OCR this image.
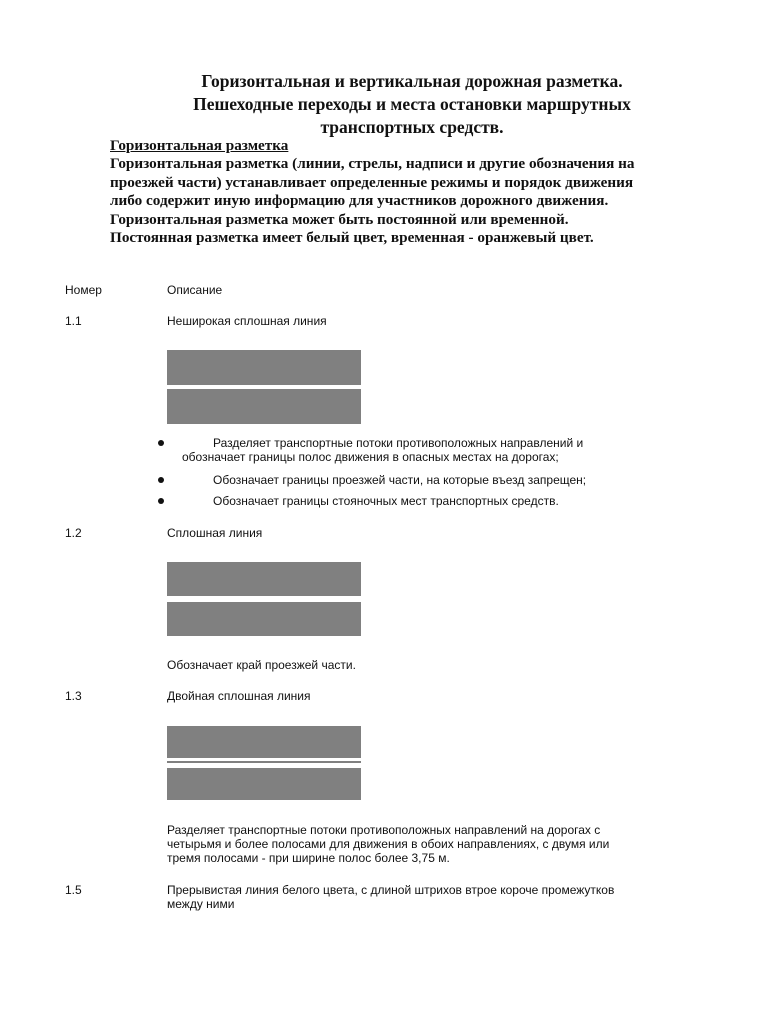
Горизонтальная и вертикальная дорожная разметка.
Пешеходные переходы и места остановки маршрутных
транспортных средств.
Горизонтальная разметка
Горизонтальная разметка (линии, стрелы, надписи и другие обозначения на
проезжей части) устанавливает определенные режимы и порядок движения
либо содержит иную информацию для участников дорожного движения.
Горизонтальная разметка может быть постоянной или временной.
Постоянная разметка имеет белый цвет, временная - оранжевый цвет.
Номер	Описание
1.1	Неширокая сплошная линия
Разделяет транспортные потоки противоположных направлений и
обозначает границы полос движения в опасных местах на дорогах;
Обозначает границы проезжей части, на которые въезд запрещен;
Обозначает границы стояночных мест транспортных средств.
1.2	Сплошная линия
Обозначает край проезжей части.
1.3	Двойная сплошная линия
Разделяет транспортные потоки противоположных направлений на дорогах с
четырьмя и более полосами для движения в обоих направлениях, с двумя или
тремя полосами - при ширине полос более 3,75 м.
1.5	Прерывистая линия белого цвета, с длиной штрихов втрое короче промежутков
между ними
